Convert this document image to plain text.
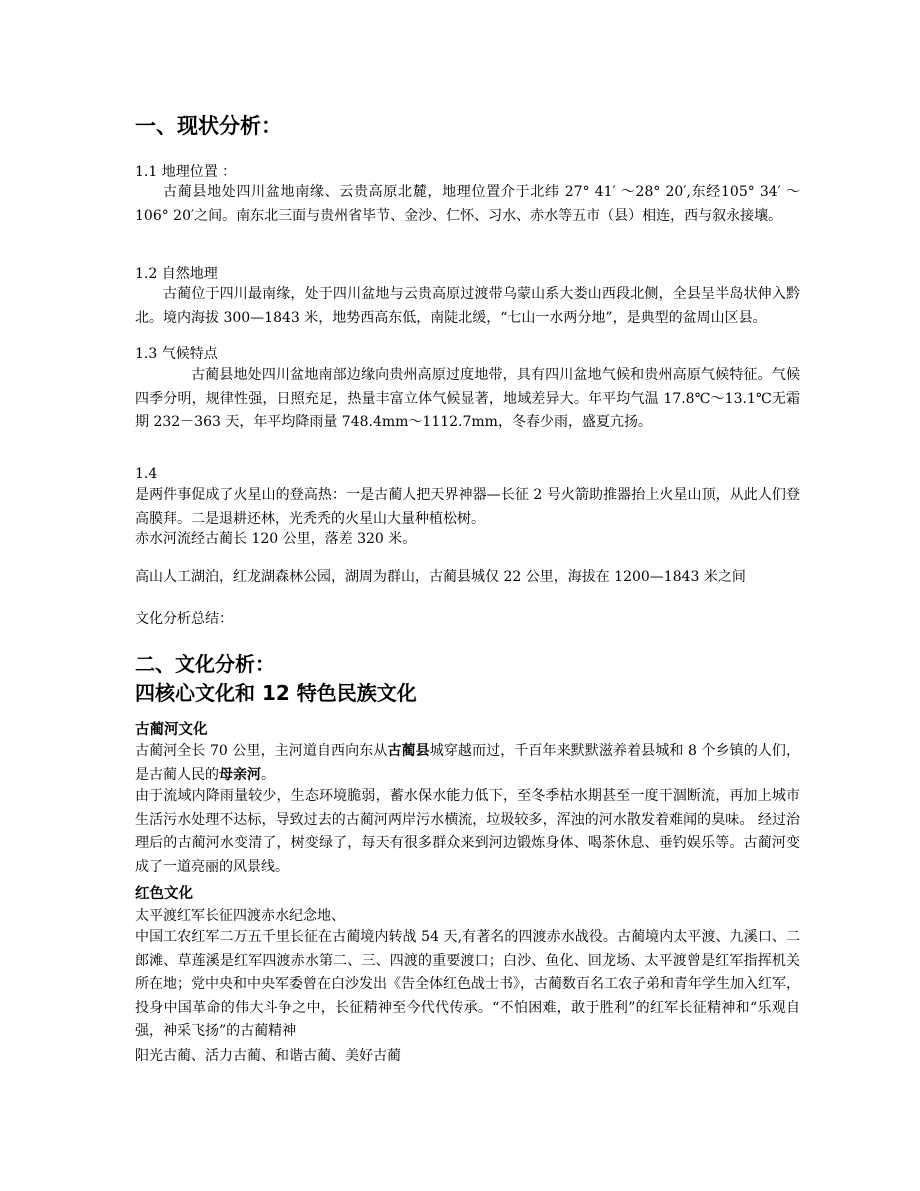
一、现状分析：
1.1 地理位置 ：
古蔺县地处四川盆地南缘、云贵高原北麓，地理位置介于北纬 27° 41′ ～28° 20′,东经105° 34′ ～106° 20′之间。南东北三面与贵州省毕节、金沙、仁怀、习水、赤水等五市（县）相连，西与叙永接壤。
1.2 自然地理
古蔺位于四川最南缘，处于四川盆地与云贵高原过渡带乌蒙山系大娄山西段北侧，全县呈半岛状伸入黔北。境内海拔 300—1843 米，地势西高东低，南陡北缓，“七山一水两分地”，是典型的盆周山区县。
1.3 气候特点
古蔺县地处四川盆地南部边缘向贵州高原过度地带，具有四川盆地气候和贵州高原气候特征。气候四季分明，规律性强，日照充足，热量丰富立体气候显著，地域差异大。年平均气温 17.8℃～13.1℃无霜期 232－363 天，年平均降雨量 748.4mm～1112.7mm，冬春少雨，盛夏亢扬。
1.4
是两件事促成了火星山的登高热：一是古蔺人把天界神器—长征 2 号火箭助推器抬上火星山顶，从此人们登高膜拜。二是退耕还林，光秃秃的火星山大量种植松树。
赤水河流经古蔺长 120 公里，落差 320 米。
高山人工湖泊，红龙湖森林公园，湖周为群山，古蔺县城仅 22 公里，海拔在 1200—1843 米之间
文化分析总结：
二、文化分析：
四核心文化和 12 特色民族文化
古蔺河文化
古蔺河全长 70 公里，主河道自西向东从古蔺县城穿越而过，千百年来默默滋养着县城和 8 个乡镇的人们，是古蔺人民的母亲河。
由于流域内降雨量较少，生态环境脆弱，蓄水保水能力低下，至冬季枯水期甚至一度干涸断流，再加上城市生活污水处理不达标，导致过去的古蔺河两岸污水横流，垃圾较多，浑浊的河水散发着难闻的臭味。 经过治理后的古蔺河水变清了，树变绿了，每天有很多群众来到河边锻炼身体、喝茶休息、垂钓娱乐等。古蔺河变成了一道亮丽的风景线。
红色文化
太平渡红军长征四渡赤水纪念地、
中国工农红军二万五千里长征在古蔺境内转战 54 天,有著名的四渡赤水战役。古蔺境内太平渡、九溪口、二郎滩、草莲溪是红军四渡赤水第二、三、四渡的重要渡口；白沙、鱼化、回龙场、太平渡曾是红军指挥机关所在地；党中央和中央军委曾在白沙发出《告全体红色战士书》，古蔺数百名工农子弟和青年学生加入红军，投身中国革命的伟大斗争之中，长征精神至今代代传承。“不怕困难，敢于胜利”的红军长征精神和“乐观自强，神采飞扬”的古蔺精神
阳光古蔺、活力古蔺、和谐古蔺、美好古蔺
